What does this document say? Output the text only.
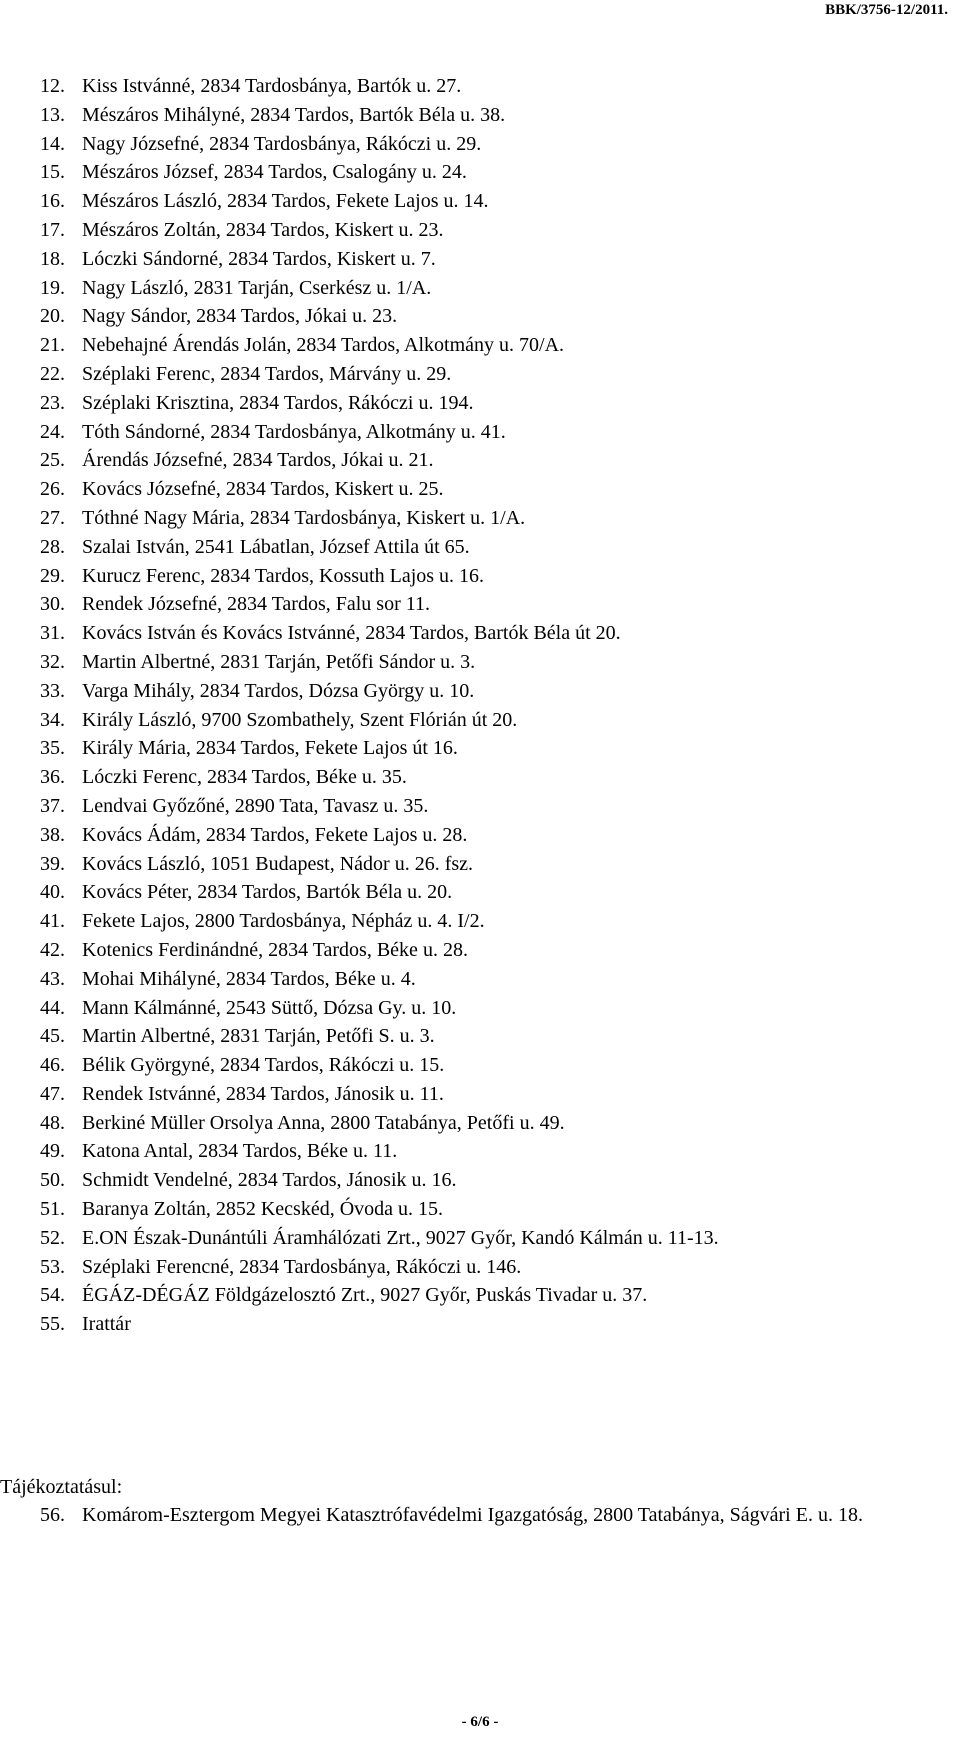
BBK/3756-12/2011.
12. Kiss Istvánné, 2834 Tardosbánya, Bartók u. 27.
13. Mészáros Mihályné, 2834 Tardos, Bartók Béla u. 38.
14. Nagy Józsefné, 2834 Tardosbánya, Rákóczi u. 29.
15. Mészáros József, 2834 Tardos, Csalogány u. 24.
16. Mészáros László, 2834 Tardos, Fekete Lajos u. 14.
17. Mészáros Zoltán, 2834 Tardos, Kiskert u. 23.
18. Lóczki Sándorné, 2834 Tardos, Kiskert u. 7.
19. Nagy László, 2831 Tarján, Cserkész u. 1/A.
20. Nagy Sándor, 2834 Tardos, Jókai u. 23.
21. Nebehajné Árendás Jolán, 2834 Tardos, Alkotmány u. 70/A.
22. Széplaki Ferenc, 2834 Tardos, Márvány u. 29.
23. Széplaki Krisztina, 2834 Tardos, Rákóczi u. 194.
24. Tóth Sándorné, 2834 Tardosbánya, Alkotmány u. 41.
25. Árendás Józsefné, 2834 Tardos, Jókai u. 21.
26. Kovács Józsefné, 2834 Tardos, Kiskert u. 25.
27. Tóthné Nagy Mária, 2834 Tardosbánya, Kiskert u. 1/A.
28. Szalai István, 2541 Lábatlan, József Attila út 65.
29. Kurucz Ferenc, 2834 Tardos, Kossuth Lajos u. 16.
30. Rendek Józsefné, 2834 Tardos, Falu sor 11.
31. Kovács István és Kovács Istvánné, 2834 Tardos, Bartók Béla út 20.
32. Martin Albertné, 2831 Tarján, Petőfi Sándor u. 3.
33. Varga Mihály, 2834 Tardos, Dózsa György u. 10.
34. Király László, 9700 Szombathely, Szent Flórián út 20.
35. Király Mária, 2834 Tardos, Fekete Lajos út 16.
36. Lóczki Ferenc, 2834 Tardos, Béke u. 35.
37. Lendvai Győzőné, 2890 Tata, Tavasz u. 35.
38. Kovács Ádám, 2834 Tardos, Fekete Lajos u. 28.
39. Kovács László, 1051 Budapest, Nádor u. 26. fsz.
40. Kovács Péter, 2834 Tardos, Bartók Béla u. 20.
41. Fekete Lajos, 2800 Tardosbánya, Népház u. 4. I/2.
42. Kotenics Ferdinándné, 2834 Tardos, Béke u. 28.
43. Mohai Mihályné, 2834 Tardos, Béke u. 4.
44. Mann Kálmánné, 2543 Süttő, Dózsa Gy. u. 10.
45. Martin Albertné, 2831 Tarján, Petőfi S. u. 3.
46. Bélik Györgyné, 2834 Tardos, Rákóczi u. 15.
47. Rendek Istvánné, 2834 Tardos, Jánosik u. 11.
48. Berkiné Müller Orsolya Anna, 2800 Tatabánya, Petőfi u. 49.
49. Katona Antal, 2834 Tardos, Béke u. 11.
50. Schmidt Vendelné, 2834 Tardos, Jánosik u. 16.
51. Baranya Zoltán, 2852 Kecskéd, Óvoda u. 15.
52. E.ON Észak-Dunántúli Áramhálózati Zrt., 9027 Győr, Kandó Kálmán u. 11-13.
53. Széplaki Ferencné, 2834 Tardosbánya, Rákóczi u. 146.
54. ÉGÁZ-DÉGÁZ Földgázelosztó Zrt., 9027 Győr, Puskás Tivadar u. 37.
55. Irattár
Tájékoztatásul:
56. Komárom-Esztergom Megyei Katasztrófavédelmi Igazgatóság, 2800 Tatabánya, Ságvári E. u. 18.
- 6/6 -
